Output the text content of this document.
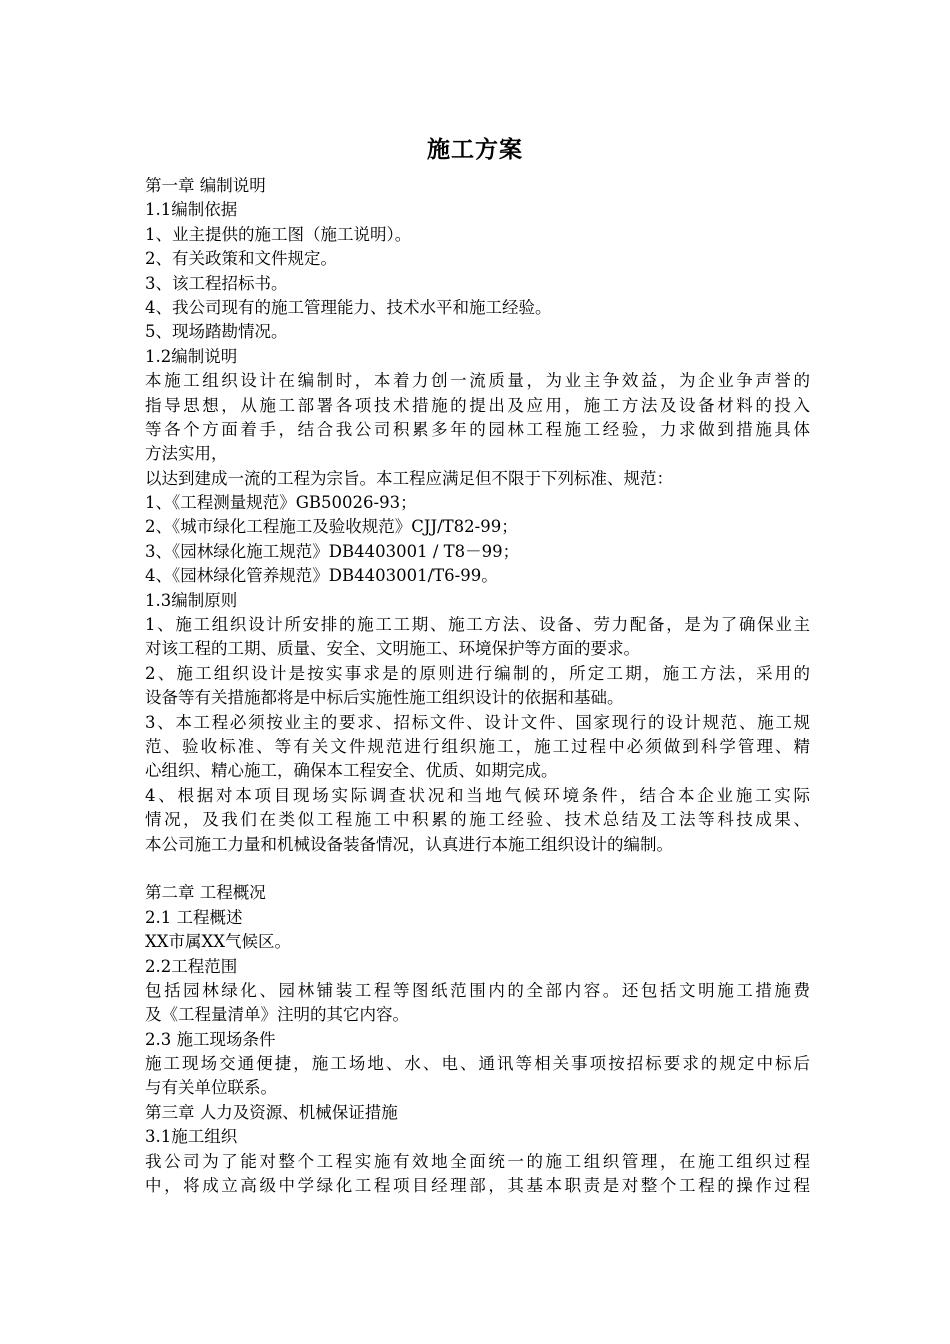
施工方案
第一章 编制说明
1.1编制依据
1、业主提供的施工图（施工说明）。
2、有关政策和文件规定。
3、该工程招标书。
4、我公司现有的施工管理能力、技术水平和施工经验。
5、现场踏勘情况。
1.2编制说明
本施工组织设计在编制时，本着力创一流质量，为业主争效益，为企业争声誉的
指导思想，从施工部署各项技术措施的提出及应用，施工方法及设备材料的投入
等各个方面着手，结合我公司积累多年的园林工程施工经验，力求做到措施具体
方法实用，
以达到建成一流的工程为宗旨。本工程应满足但不限于下列标准、规范：
1、《工程测量规范》GB50026-93；
2、《城市绿化工程施工及验收规范》CJJ/T82-99；
3、《园林绿化施工规范》DB4403001 / T8－99；
4、《园林绿化管养规范》DB4403001/T6-99。
1.3编制原则
1、施工组织设计所安排的施工工期、施工方法、设备、劳力配备，是为了确保业主
对该工程的工期、质量、安全、文明施工、环境保护等方面的要求。
2、施工组织设计是按实事求是的原则进行编制的，所定工期，施工方法，采用的
设备等有关措施都将是中标后实施性施工组织设计的依据和基础。
3、本工程必须按业主的要求、招标文件、设计文件、国家现行的设计规范、施工规
范、验收标准、等有关文件规范进行组织施工，施工过程中必须做到科学管理、精
心组织、精心施工，确保本工程安全、优质、如期完成。
4、根据对本项目现场实际调查状况和当地气候环境条件，结合本企业施工实际
情况，及我们在类似工程施工中积累的施工经验、技术总结及工法等科技成果、
本公司施工力量和机械设备装备情况，认真进行本施工组织设计的编制。
第二章 工程概况
2.1 工程概述
XX市属XX气候区。
2.2工程范围
包括园林绿化、园林铺装工程等图纸范围内的全部内容。还包括文明施工措施费
及《工程量清单》注明的其它内容。
2.3 施工现场条件
施工现场交通便捷，施工场地、水、电、通讯等相关事项按招标要求的规定中标后
与有关单位联系。
第三章 人力及资源、机械保证措施
3.1施工组织
我公司为了能对整个工程实施有效地全面统一的施工组织管理，在施工组织过程
中，将成立高级中学绿化工程项目经理部，其基本职责是对整个工程的操作过程
